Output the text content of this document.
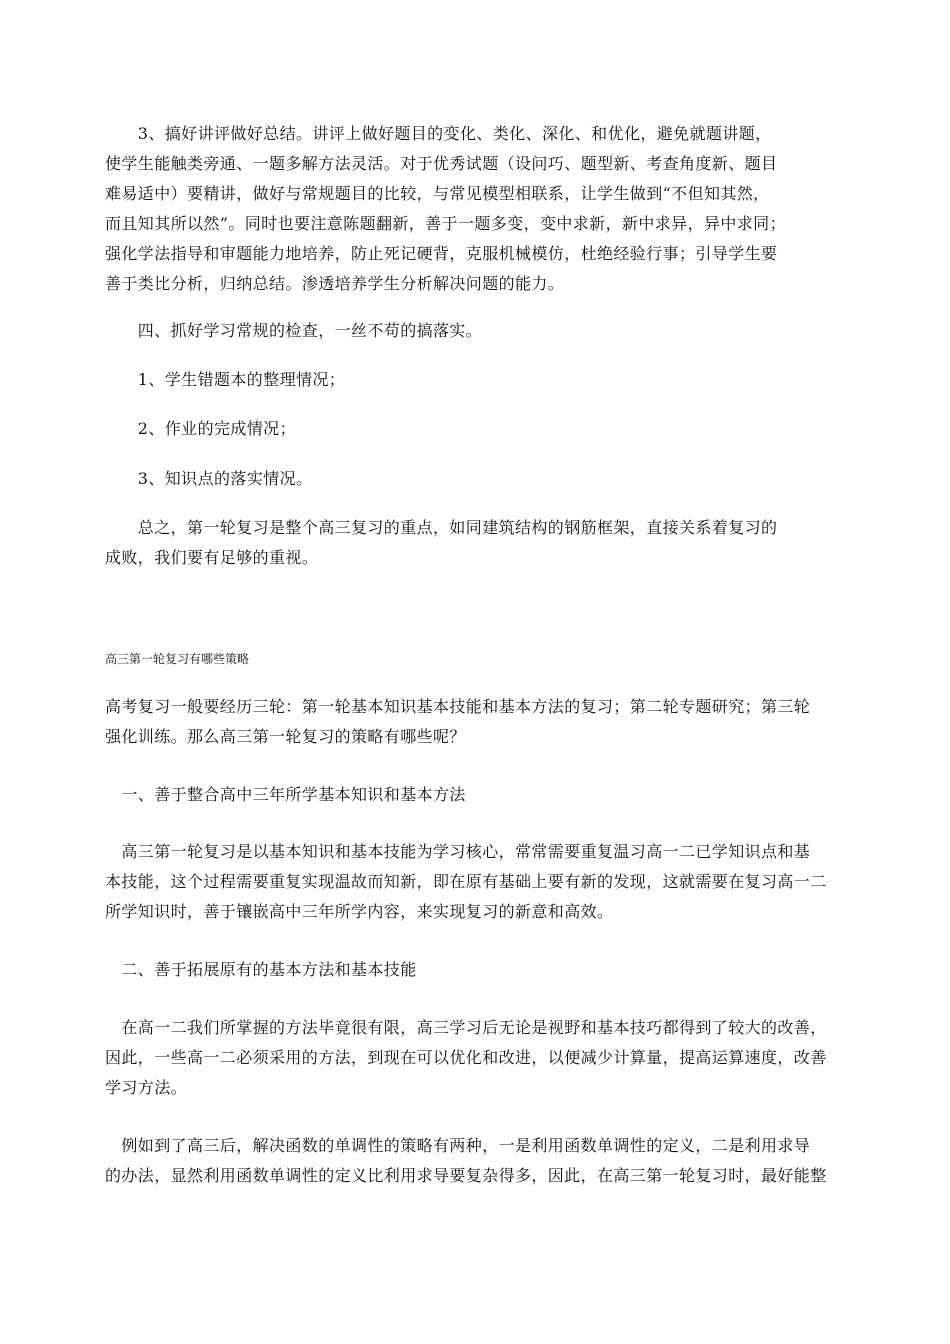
　　3、搞好讲评做好总结。讲评上做好题目的变化、类化、深化、和优化，避免就题讲题，
使学生能触类旁通、一题多解方法灵活。对于优秀试题（设问巧、题型新、考查角度新、题目
难易适中）要精讲，做好与常规题目的比较，与常见模型相联系，让学生做到“不但知其然，
而且知其所以然”。同时也要注意陈题翻新，善于一题多变，变中求新，新中求异，异中求同；
强化学法指导和审题能力地培养，防止死记硬背，克服机械模仿，杜绝经验行事；引导学生要
善于类比分析，归纳总结。渗透培养学生分析解决问题的能力。

　　四、抓好学习常规的检查，一丝不苟的搞落实。

　　1、学生错题本的整理情况；

　　2、作业的完成情况；

　　3、知识点的落实情况。

　　总之，第一轮复习是整个高三复习的重点，如同建筑结构的钢筋框架，直接关系着复习的
成败，我们要有足够的重视。

高三第一轮复习有哪些策略

高考复习一般要经历三轮：第一轮基本知识基本技能和基本方法的复习；第二轮专题研究；第三轮
强化训练。那么高三第一轮复习的策略有哪些呢？

　一、善于整合高中三年所学基本知识和基本方法

　高三第一轮复习是以基本知识和基本技能为学习核心，常常需要重复温习高一二已学知识点和基
本技能，这个过程需要重复实现温故而知新，即在原有基础上要有新的发现，这就需要在复习高一二
所学知识时，善于镶嵌高中三年所学内容，来实现复习的新意和高效。

　二、善于拓展原有的基本方法和基本技能

　在高一二我们所掌握的方法毕竟很有限，高三学习后无论是视野和基本技巧都得到了较大的改善，
因此，一些高一二必须采用的方法，到现在可以优化和改进，以便减少计算量，提高运算速度，改善
学习方法。

　例如到了高三后，解决函数的单调性的策略有两种，一是利用函数单调性的定义，二是利用求导
的办法，显然利用函数单调性的定义比利用求导要复杂得多，因此，在高三第一轮复习时，最好能整
